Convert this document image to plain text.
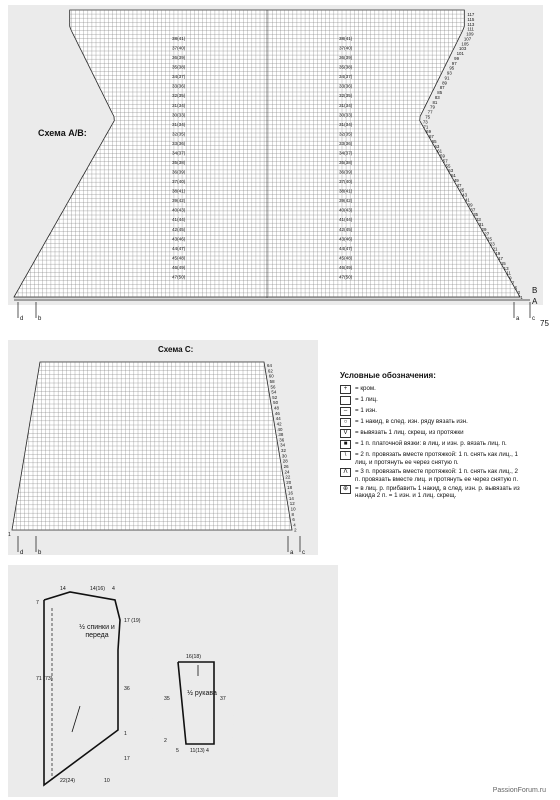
Схема A/B:
Схема C:
75
38(41)
37(40)
36(39)
35(38)
34(37)
33(36)
32(35)
31(34)
30(33)
31(34)
32(35)
33(36)
34(37)
35(38)
36(39)
37(40)
38(41)
39(42)
40(43)
41(44)
42(45)
43(46)
44(47)
45(48)
46(49)
47(50)
38(41)
37(40)
36(39)
35(38)
34(37)
33(36)
32(35)
31(34)
30(33)
31(34)
32(35)
33(36)
34(37)
35(38)
36(39)
37(40)
38(41)
39(42)
40(43)
41(44)
42(45)
43(46)
44(47)
45(48)
46(49)
47(50)
117
115
113
111
109
107
105
103
101
99
97
95
93
91
89
87
85
83
81
79
77
75
73
71
69
67
65
63
61
59
57
55
53
51
49
47
45
43
41
39
37
35
33
31
29
27
25
23
21
19
17
15
13
11
9
7
5
3
1
B
A
d b	a c
64
62
60
58
56
54
52
50
48
46
44
42
40
38
36
34
32
30
28
26
24
22
20
18
16
14
12
10
8
6
4
2
1
d b	a c
14	14(16) 4
7
17 (19)
71 (73)
36
1
17
22(24)	10
16(18)
35	37
2
5 11(13) 4
Условные обозначения:
+	= кром.
= 1 лиц.
–	= 1 изн.
○	= 1 накид, в след. изн. ряду вязать изн.
V	= вывязать 1 лиц. скрещ. из протяжки
■	= 1 п. платочной вязки: в лиц. и изн. р. вязать лиц. п.
\	= 2 п. провязать вместе протяжкой: 1 п. снять как лиц., 1 лиц. и протянуть ее через снятую п.
Λ	= 3 п. провязать вместе протяжкой: 1 п. снять как лиц., 2 п. провязать вместе лиц. и протянуть ее через снятую п.
⊕	= в лиц. р. прибавить 1 накид, в след. изн. р. вывязать из накида 2 п. = 1 изн. и 1 лиц. скрещ.
½ спинки и переда
½ рукава
PassionForum.ru
